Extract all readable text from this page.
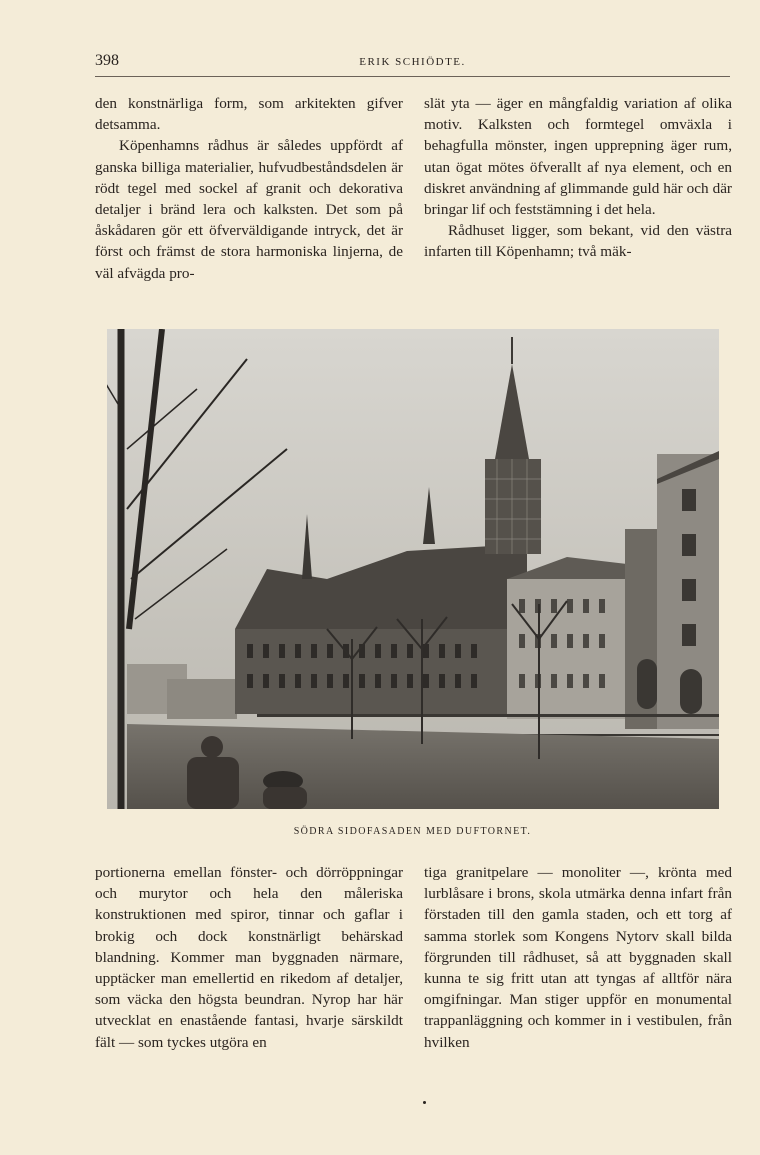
398	ERIK SCHIÖDTE.

den konstnärliga form, som arkitekten gifver detsamma.

Köpenhamns rådhus är således uppfördt af ganska billiga materialier, hufvudbeståndsdelen är rödt tegel med sockel af granit och dekorativa detaljer i bränd lera och kalksten. Det som på åskådaren gör ett öfverväldigande intryck, det är först och främst de stora harmoniska linjerna, de väl afvägda pro-

slät yta — äger en mångfaldig variation af olika motiv. Kalksten och formtegel omväxla i behagfulla mönster, ingen upprepning äger rum, utan ögat mötes öfverallt af nya element, och en diskret användning af glimmande guld här och där bringar lif och feststämning i det hela.

Rådhuset ligger, som bekant, vid den västra infarten till Köpenhamn; två mäk-

SÖDRA SIDOFASADEN MED DUFTORNET.

portionerna emellan fönster- och dörröppningar och murytor och hela den måleriska konstruktionen med spiror, tinnar och gaflar i brokig och dock konstnärligt behärskad blandning. Kommer man byggnaden närmare, upptäcker man emellertid en rikedom af detaljer, som väcka den högsta beundran. Nyrop har här utvecklat en enastående fantasi, hvarje särskildt fält — som tyckes utgöra en

tiga granitpelare — monoliter —, krönta med lurblåsare i brons, skola utmärka denna infart från förstaden till den gamla staden, och ett torg af samma storlek som Kongens Nytorv skall bilda förgrunden till rådhuset, så att byggnaden skall kunna te sig fritt utan att tyngas af alltför nära omgifningar. Man stiger uppför en monumental trappanläggning och kommer in i vestibulen, från hvilken
